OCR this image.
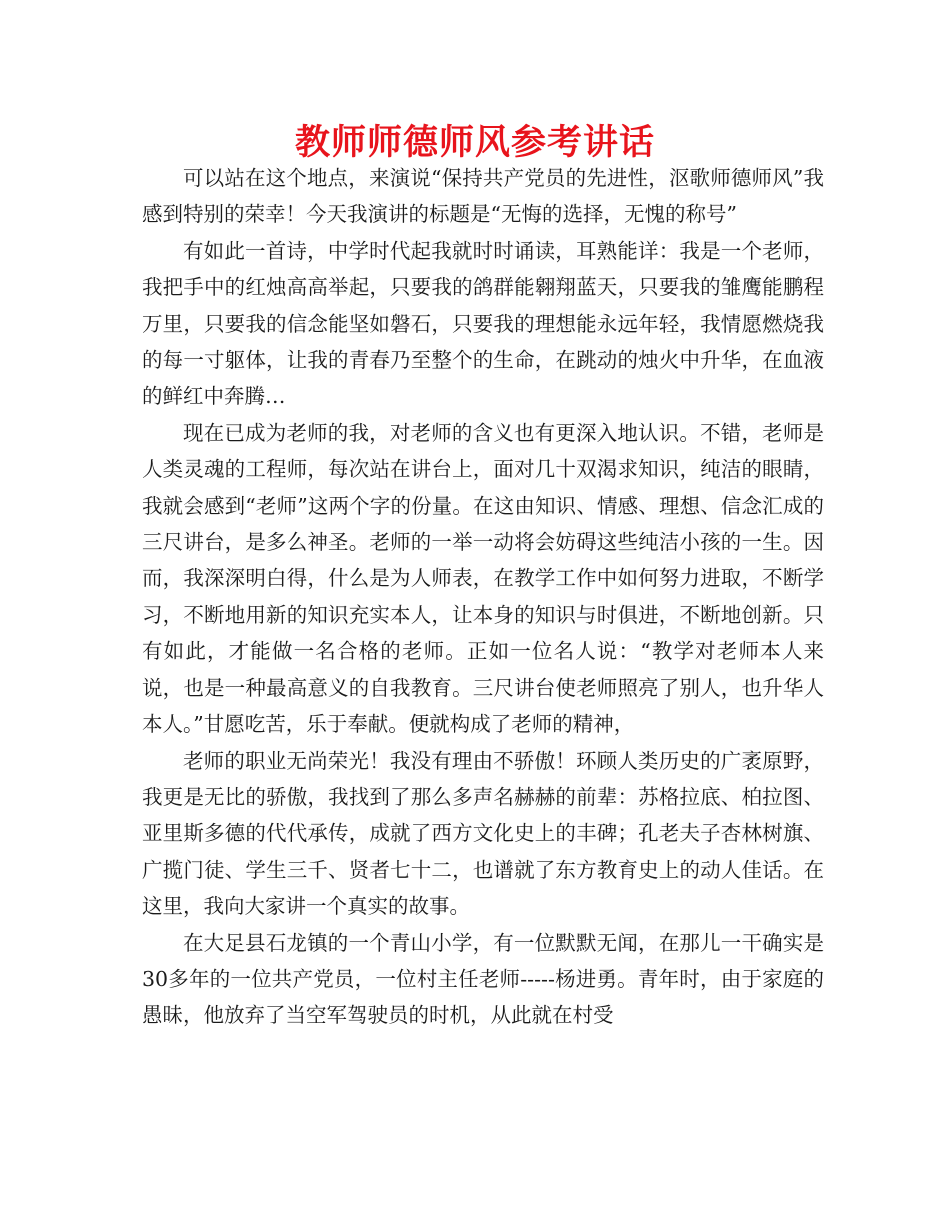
教师师德师风参考讲话

可以站在这个地点，来演说“保持共产党员的先进性，沤歌师德师风”我感到特别的荣幸！今天我演讲的标题是“无悔的选择，无愧的称号”

有如此一首诗，中学时代起我就时时诵读，耳熟能详：我是一个老师，我把手中的红烛高高举起，只要我的鸽群能翱翔蓝天，只要我的雏鹰能鹏程万里，只要我的信念能坚如磐石，只要我的理想能永远年轻，我情愿燃烧我的每一寸躯体，让我的青春乃至整个的生命，在跳动的烛火中升华，在血液的鲜红中奔腾…

现在已成为老师的我，对老师的含义也有更深入地认识。不错，老师是人类灵魂的工程师，每次站在讲台上，面对几十双渴求知识，纯洁的眼睛，我就会感到“老师”这两个字的份量。在这由知识、情感、理想、信念汇成的三尺讲台，是多么神圣。老师的一举一动将会妨碍这些纯洁小孩的一生。因而，我深深明白得，什么是为人师表，在教学工作中如何努力进取，不断学习，不断地用新的知识充实本人，让本身的知识与时俱进，不断地创新。只有如此，才能做一名合格的老师。正如一位名人说：“教学对老师本人来说，也是一种最高意义的自我教育。三尺讲台使老师照亮了别人，也升华人本人。”甘愿吃苦，乐于奉献。便就构成了老师的精神，

老师的职业无尚荣光！我没有理由不骄傲！环顾人类历史的广袤原野，我更是无比的骄傲，我找到了那么多声名赫赫的前辈：苏格拉底、柏拉图、亚里斯多德的代代承传，成就了西方文化史上的丰碑；孔老夫子杏林树旗、广揽门徒、学生三千、贤者七十二，也谱就了东方教育史上的动人佳话。在这里，我向大家讲一个真实的故事。

在大足县石龙镇的一个青山小学，有一位默默无闻，在那儿一干确实是30多年的一位共产党员，一位村主任老师-----杨进勇。青年时，由于家庭的愚昧，他放弃了当空军驾驶员的时机，从此就在村受
